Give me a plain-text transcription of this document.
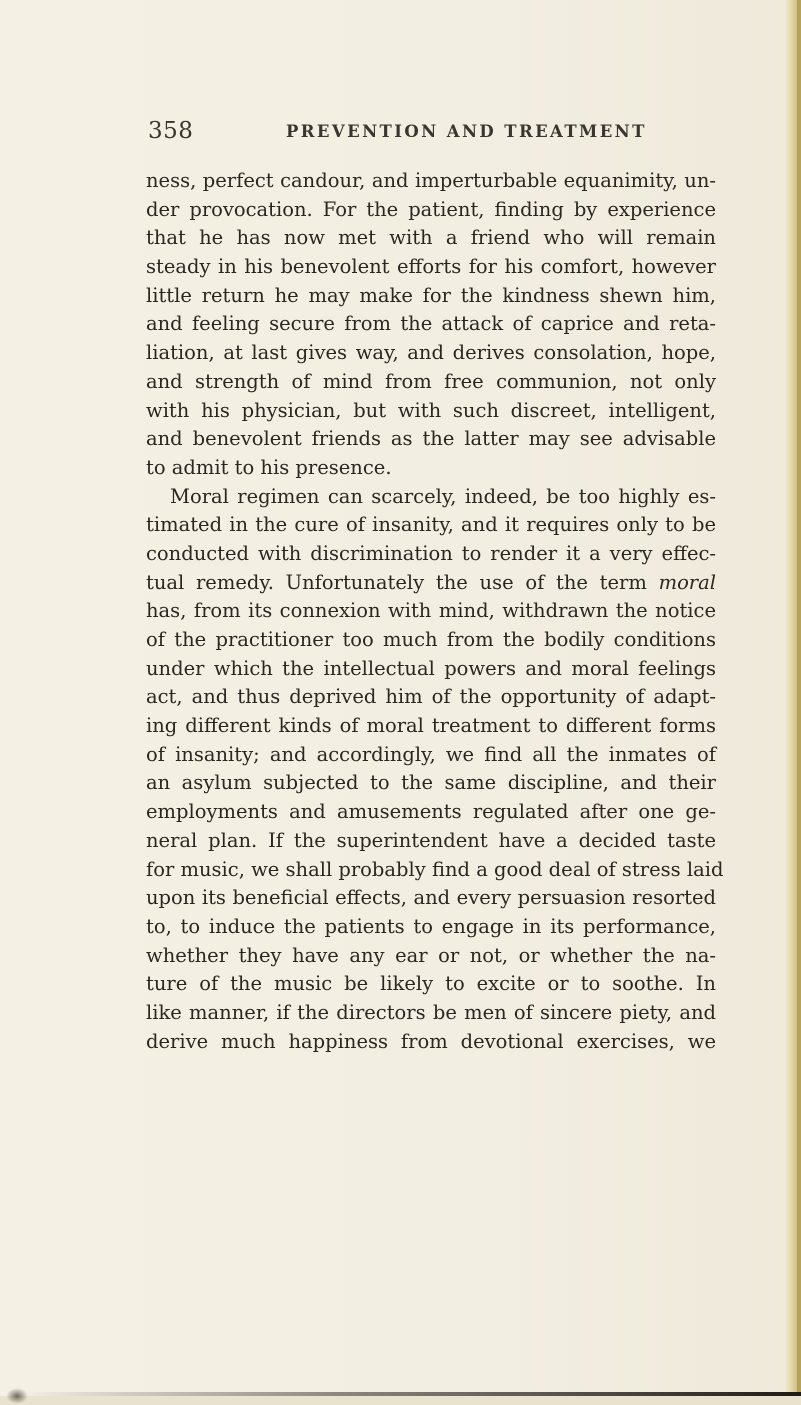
358	PREVENTION AND TREATMENT
ness, perfect candour, and imperturbable equanimity, un-
der provocation. For the patient, finding by experience
that he has now met with a friend who will remain
steady in his benevolent efforts for his comfort, however
little return he may make for the kindness shewn him,
and feeling secure from the attack of caprice and reta-
liation, at last gives way, and derives consolation, hope,
and strength of mind from free communion, not only
with his physician, but with such discreet, intelligent,
and benevolent friends as the latter may see advisable
to admit to his presence.
Moral regimen can scarcely, indeed, be too highly es-
timated in the cure of insanity, and it requires only to be
conducted with discrimination to render it a very effec-
tual remedy. Unfortunately the use of the term moral
has, from its connexion with mind, withdrawn the notice
of the practitioner too much from the bodily conditions
under which the intellectual powers and moral feelings
act, and thus deprived him of the opportunity of adapt-
ing different kinds of moral treatment to different forms
of insanity; and accordingly, we find all the inmates of
an asylum subjected to the same discipline, and their
employments and amusements regulated after one ge-
neral plan. If the superintendent have a decided taste
for music, we shall probably find a good deal of stress laid
upon its beneficial effects, and every persuasion resorted
to, to induce the patients to engage in its performance,
whether they have any ear or not, or whether the na-
ture of the music be likely to excite or to soothe. In
like manner, if the directors be men of sincere piety, and
derive much happiness from devotional exercises, we
